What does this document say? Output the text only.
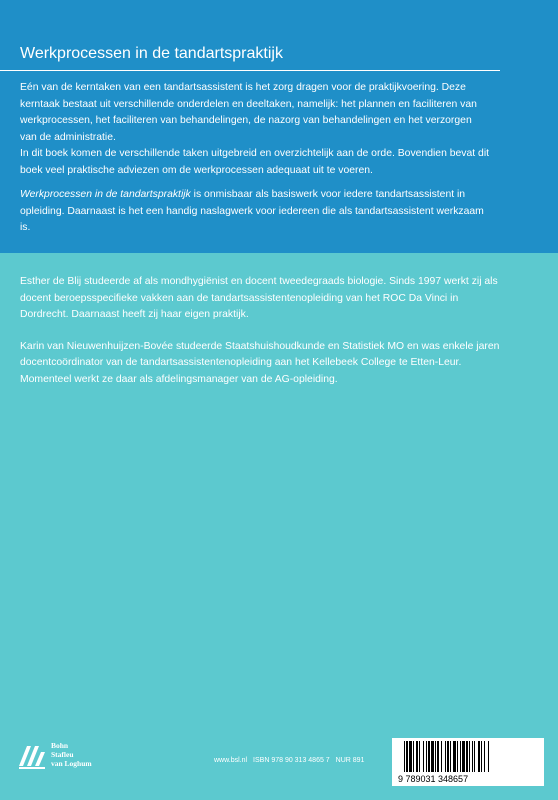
Werkprocessen in de tandartspraktijk

Eén van de kerntaken van een tandartsassistent is het zorg dragen voor de praktijkvoering. Deze kerntaak bestaat uit verschillende onderdelen en deeltaken, namelijk: het plannen en faciliteren van werkprocessen, het faciliteren van behandelingen, de nazorg van behandelingen en het verzorgen van de administratie.

In dit boek komen de verschillende taken uitgebreid en overzichtelijk aan de orde. Bovendien bevat dit boek veel praktische adviezen om de werkprocessen adequaat uit te voeren.

Werkprocessen in de tandartspraktijk is onmisbaar als basiswerk voor iedere tandartsassistent in opleiding. Daarnaast is het een handig naslagwerk voor iedereen die als tandartsassistent werkzaam is.

Esther de Blij studeerde af als mondhygiënist en docent tweedegraads biologie. Sinds 1997 werkt zij als docent beroepsspecifieke vakken aan de tandartsassistentenopleiding van het ROC Da Vinci in Dordrecht. Daarnaast heeft zij haar eigen praktijk.

Karin van Nieuwenhuijzen-Bovée studeerde Staatshuishoudkunde en Statistiek MO en was enkele jaren docentcoördinator van de tandartsassistentenopleiding aan het Kellebeek College te Etten-Leur. Momenteel werkt ze daar als afdelingsmanager van de AG-opleiding.

Bohn
Stafleu
van Loghum	www.bsl.nl ISBN 978 90 313 4865 7 NUR 891
9 789031 348657
